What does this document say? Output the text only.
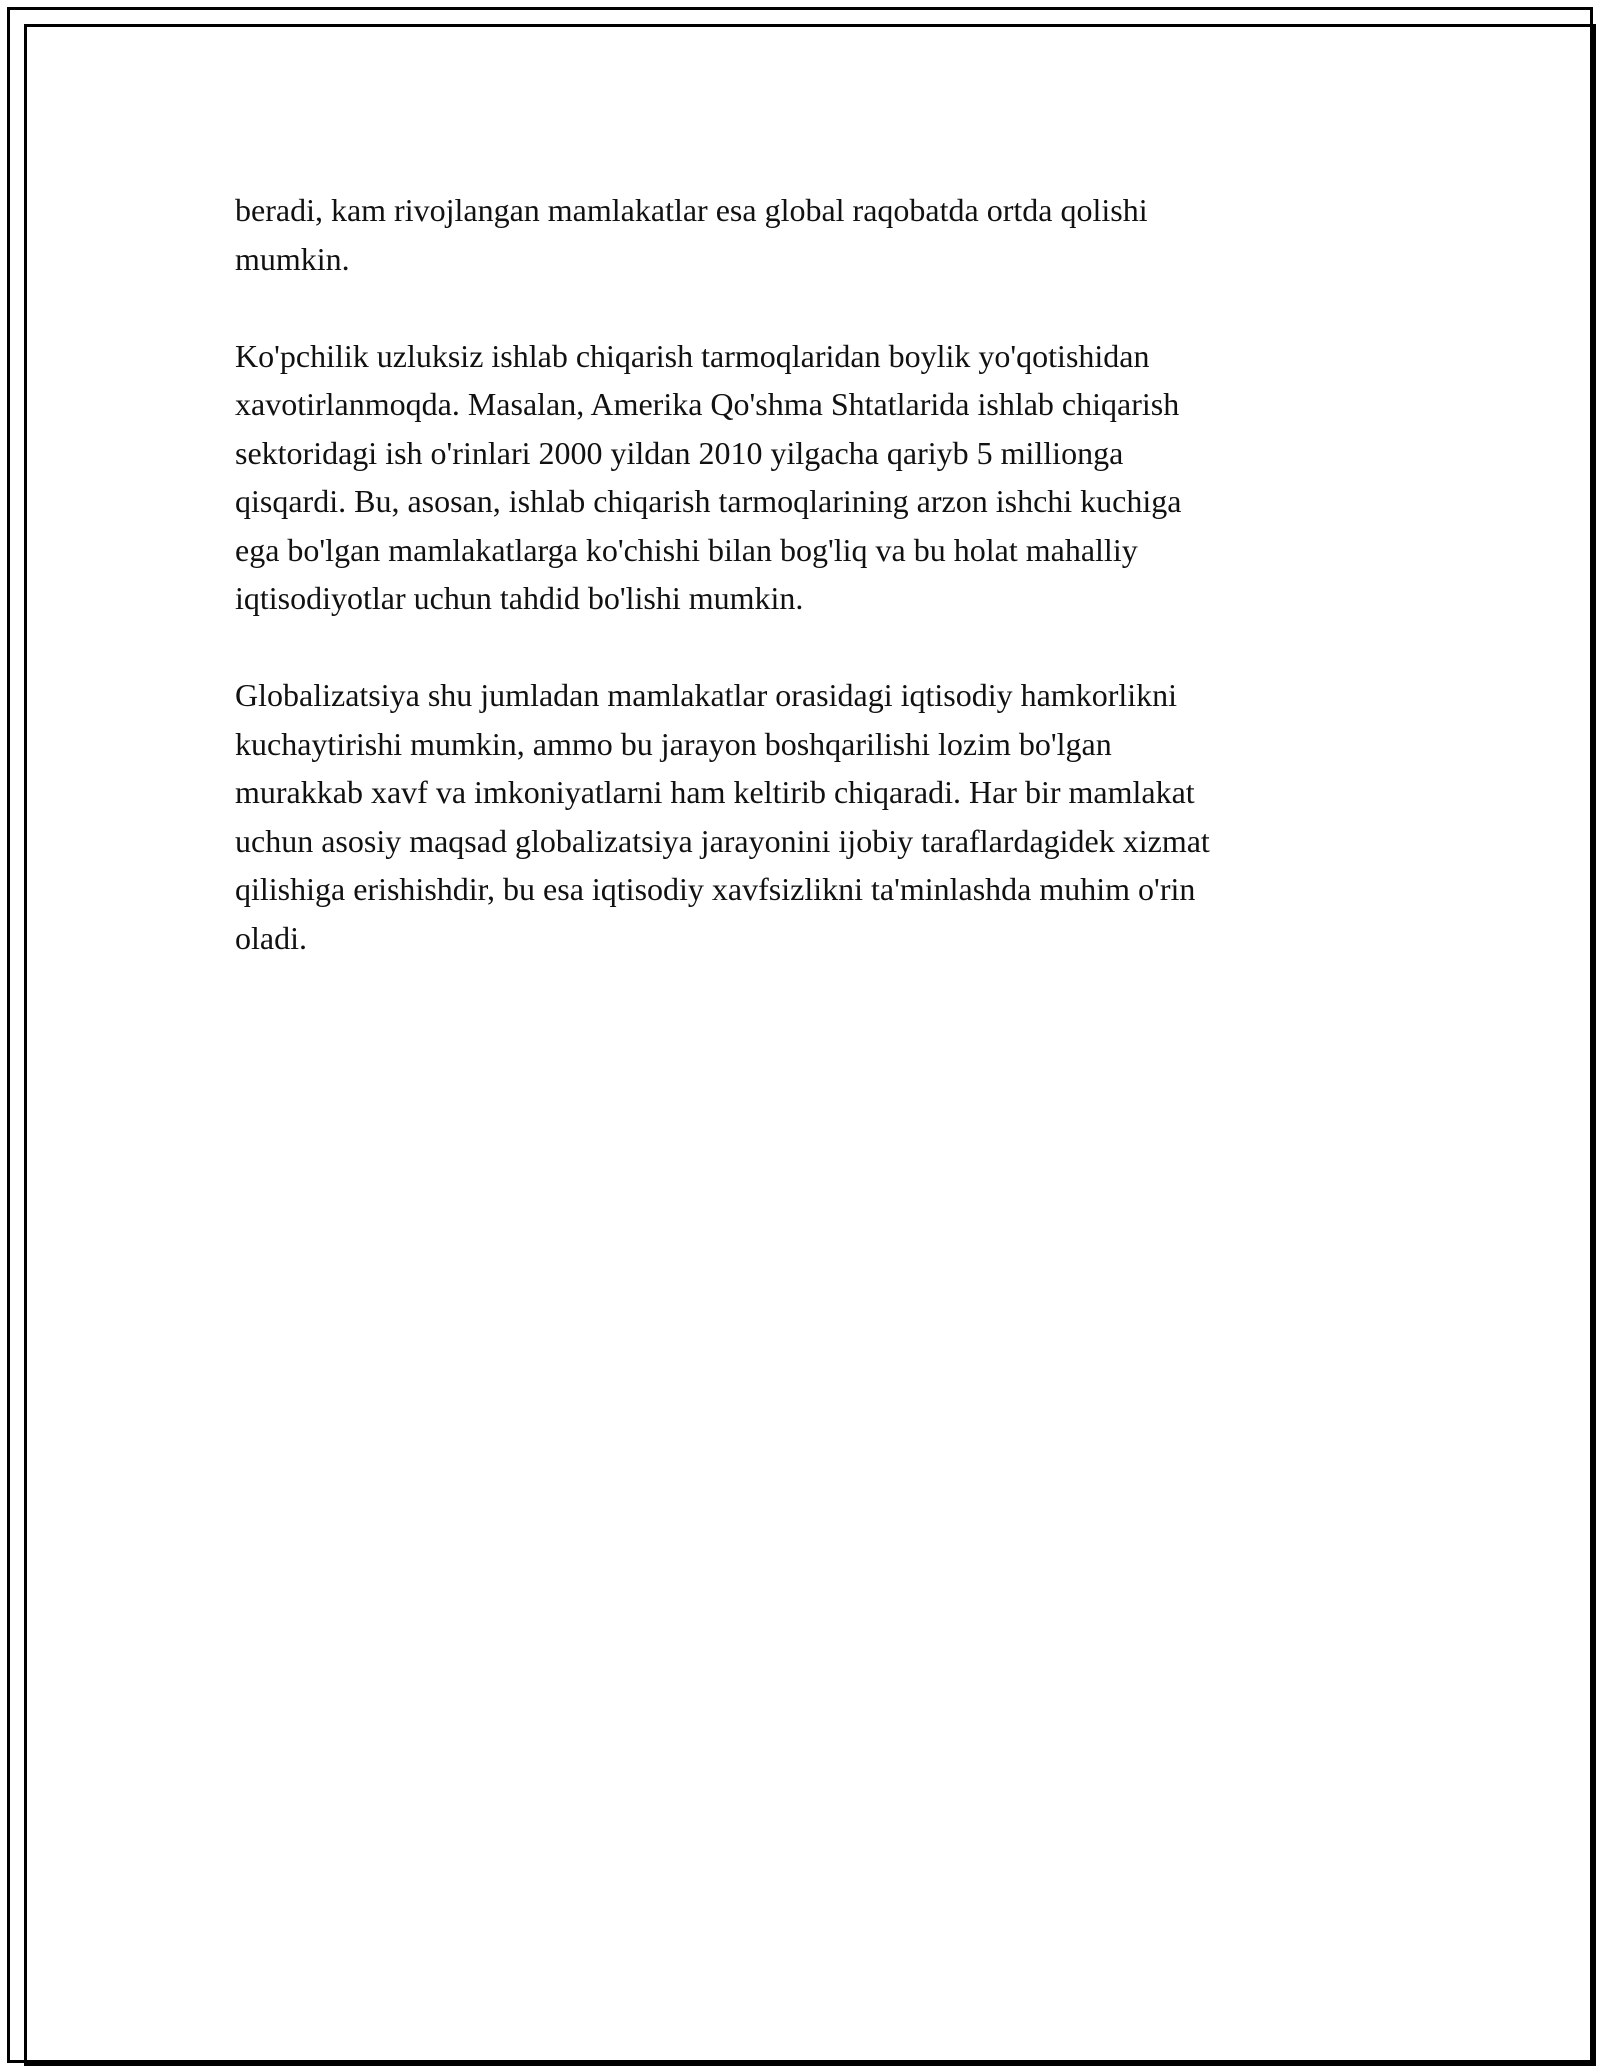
beradi, kam rivojlangan mamlakatlar esa global raqobatda ortda qolishi
mumkin.

Ko'pchilik uzluksiz ishlab chiqarish tarmoqlaridan boylik yo'qotishidan
xavotirlanmoqda. Masalan, Amerika Qo'shma Shtatlarida ishlab chiqarish
sektoridagi ish o'rinlari 2000 yildan 2010 yilgacha qariyb 5 millionga
qisqardi. Bu, asosan, ishlab chiqarish tarmoqlarining arzon ishchi kuchiga
ega bo'lgan mamlakatlarga ko'chishi bilan bog'liq va bu holat mahalliy
iqtisodiyotlar uchun tahdid bo'lishi mumkin.

Globalizatsiya shu jumladan mamlakatlar orasidagi iqtisodiy hamkorlikni
kuchaytirishi mumkin, ammo bu jarayon boshqarilishi lozim bo'lgan
murakkab xavf va imkoniyatlarni ham keltirib chiqaradi. Har bir mamlakat
uchun asosiy maqsad globalizatsiya jarayonini ijobiy taraflardagidek xizmat
qilishiga erishishdir, bu esa iqtisodiy xavfsizlikni ta'minlashda muhim o'rin
oladi.
